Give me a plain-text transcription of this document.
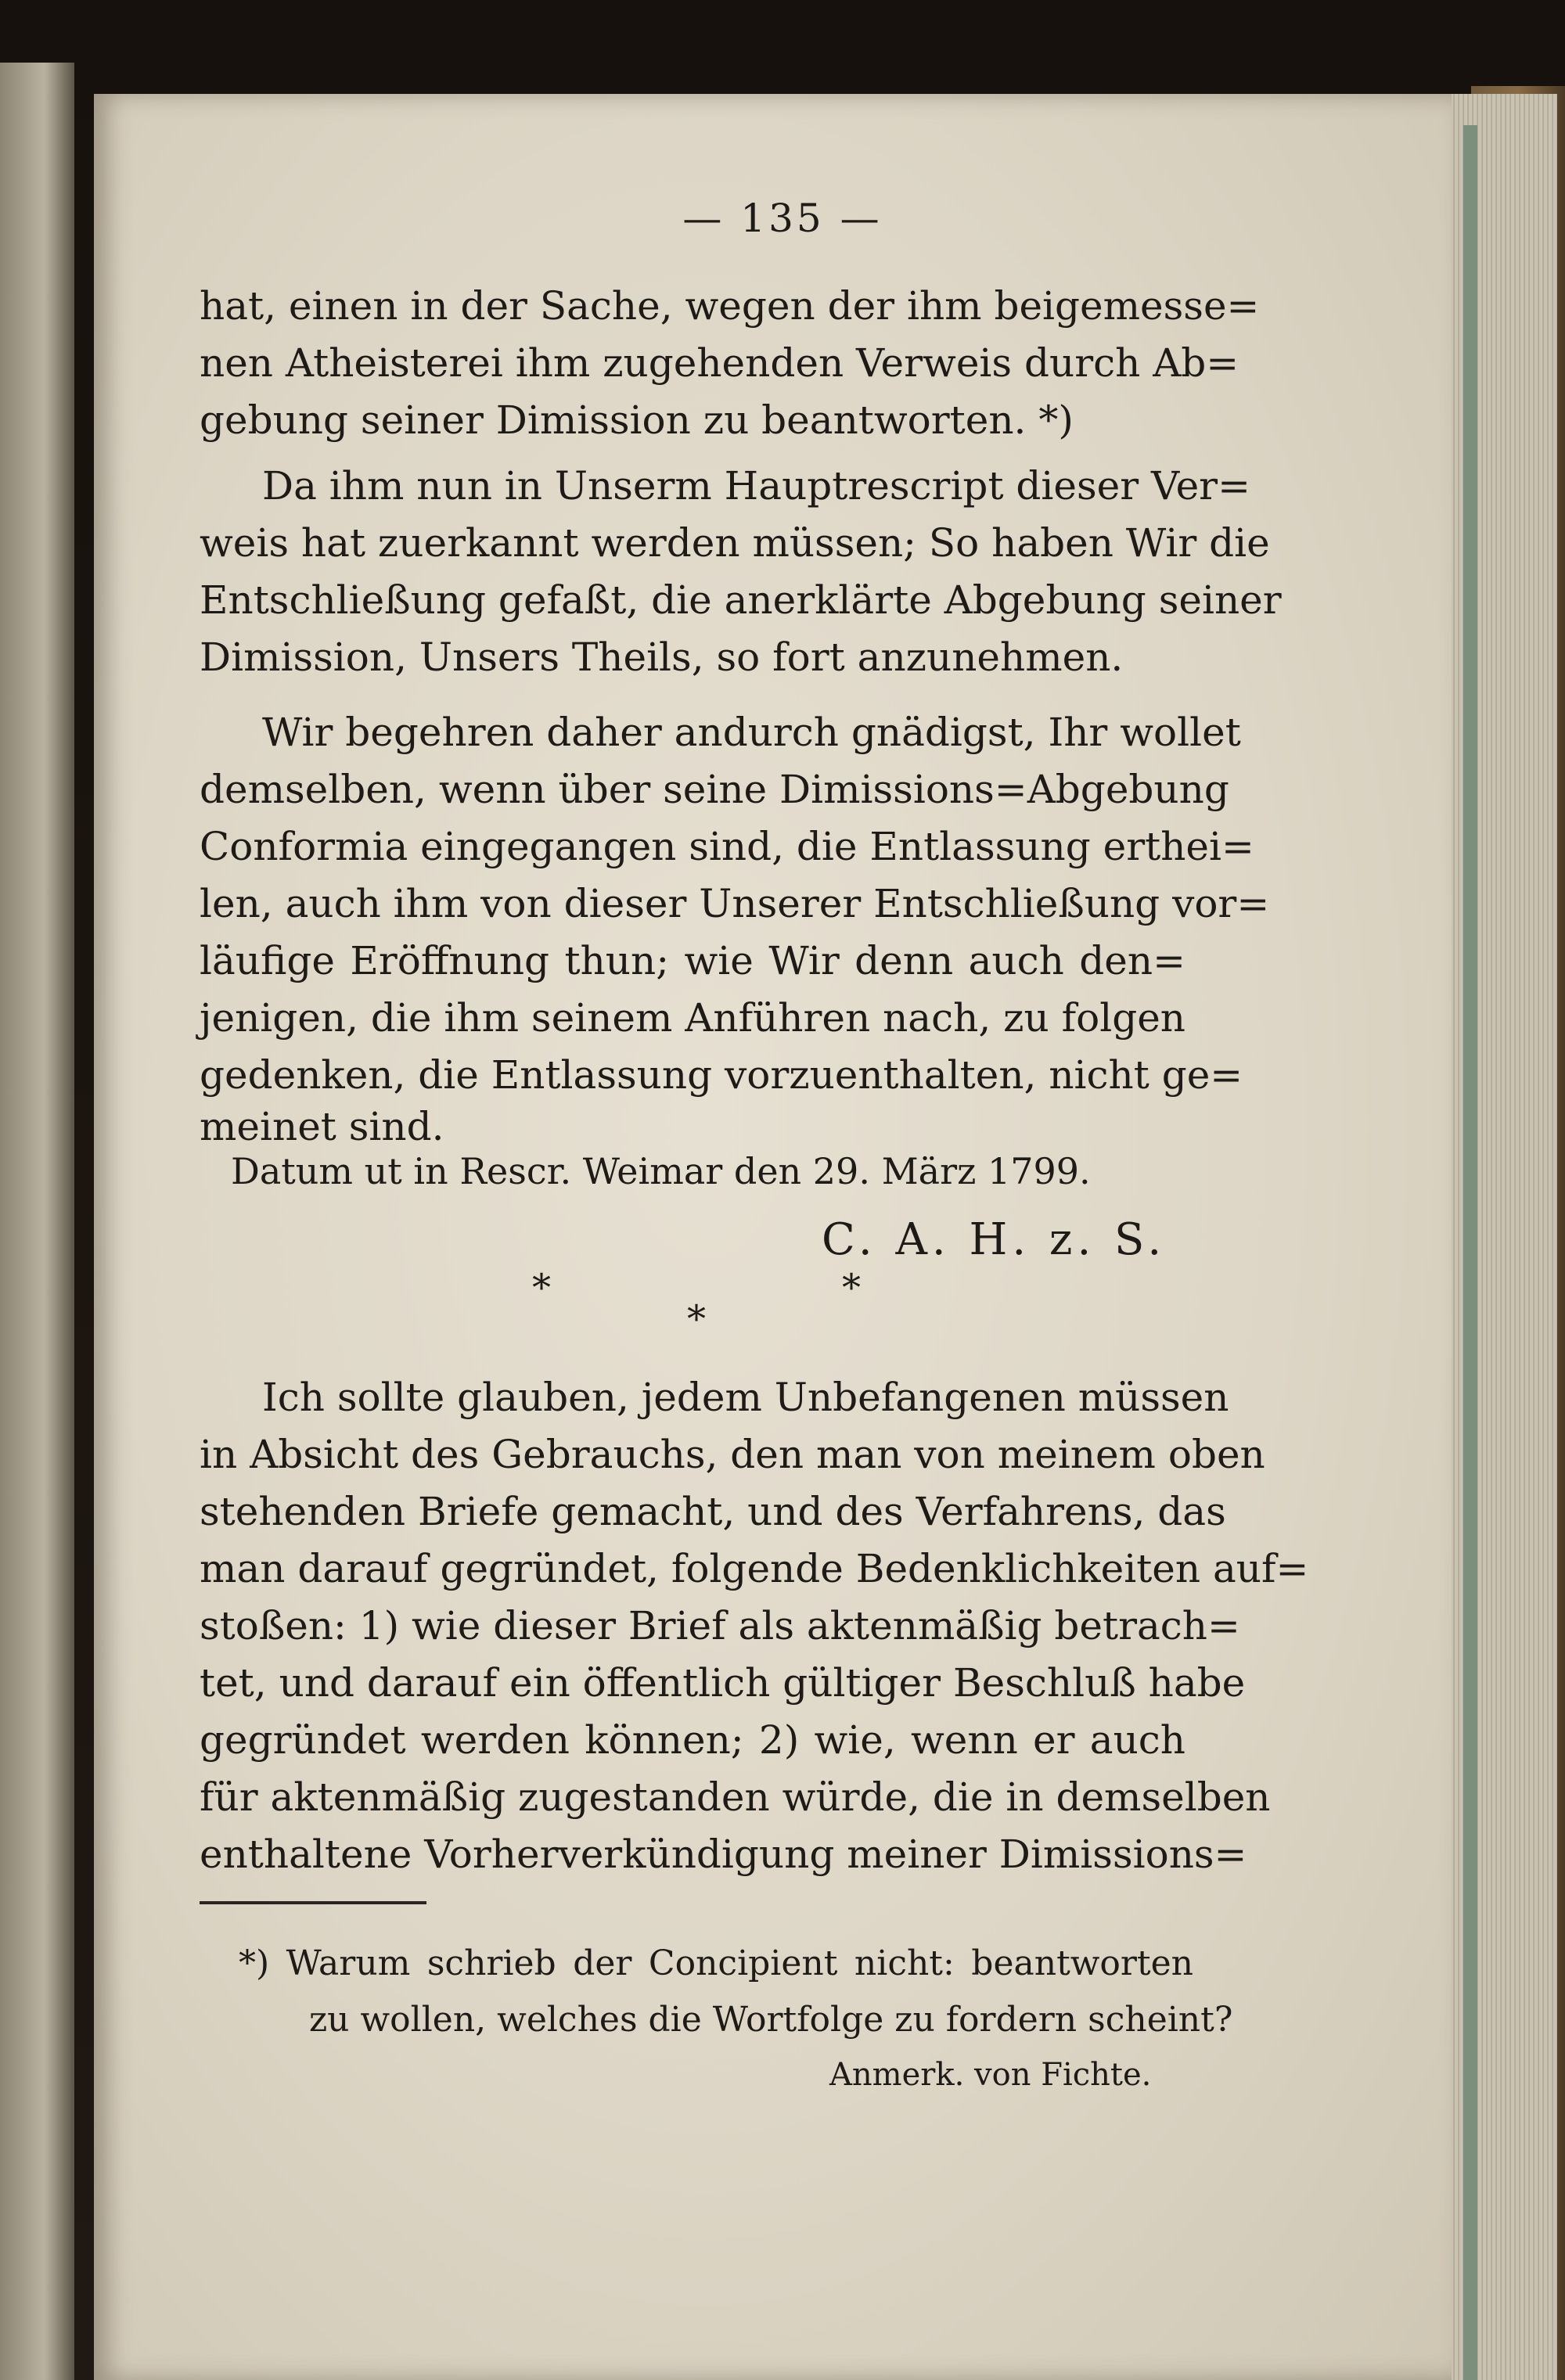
— 135 —
hat, einen in der Sache, wegen der ihm beigemesse=
nen Atheisterei ihm zugehenden Verweis durch Ab=
gebung seiner Dimission zu beantworten. *)
Da ihm nun in Unserm Hauptrescript dieser Ver=
weis hat zuerkannt werden müssen; So haben Wir die
Entschließung gefaßt, die anerklärte Abgebung seiner
Dimission, Unsers Theils, so fort anzunehmen.
Wir begehren daher andurch gnädigst, Ihr wollet
demselben, wenn über seine Dimissions=Abgebung
Conformia eingegangen sind, die Entlassung erthei=
len, auch ihm von dieser Unserer Entschließung vor=
läufige Eröffnung thun; wie Wir denn auch den=
jenigen, die ihm seinem Anführen nach, zu folgen
gedenken, die Entlassung vorzuenthalten, nicht ge=
meinet sind.
Datum ut in Rescr. Weimar den 29. März 1799.
C. A. H. z. S.
*
*
*
Ich sollte glauben, jedem Unbefangenen müssen
in Absicht des Gebrauchs, den man von meinem oben
stehenden Briefe gemacht, und des Verfahrens, das
man darauf gegründet, folgende Bedenklichkeiten auf=
stoßen: 1) wie dieser Brief als aktenmäßig betrach=
tet, und darauf ein öffentlich gültiger Beschluß habe
gegründet werden können; 2) wie, wenn er auch
für aktenmäßig zugestanden würde, die in demselben
enthaltene Vorherverkündigung meiner Dimissions=
*) Warum schrieb der Concipient nicht: beantworten
zu wollen, welches die Wortfolge zu fordern scheint?
Anmerk. von Fichte.
